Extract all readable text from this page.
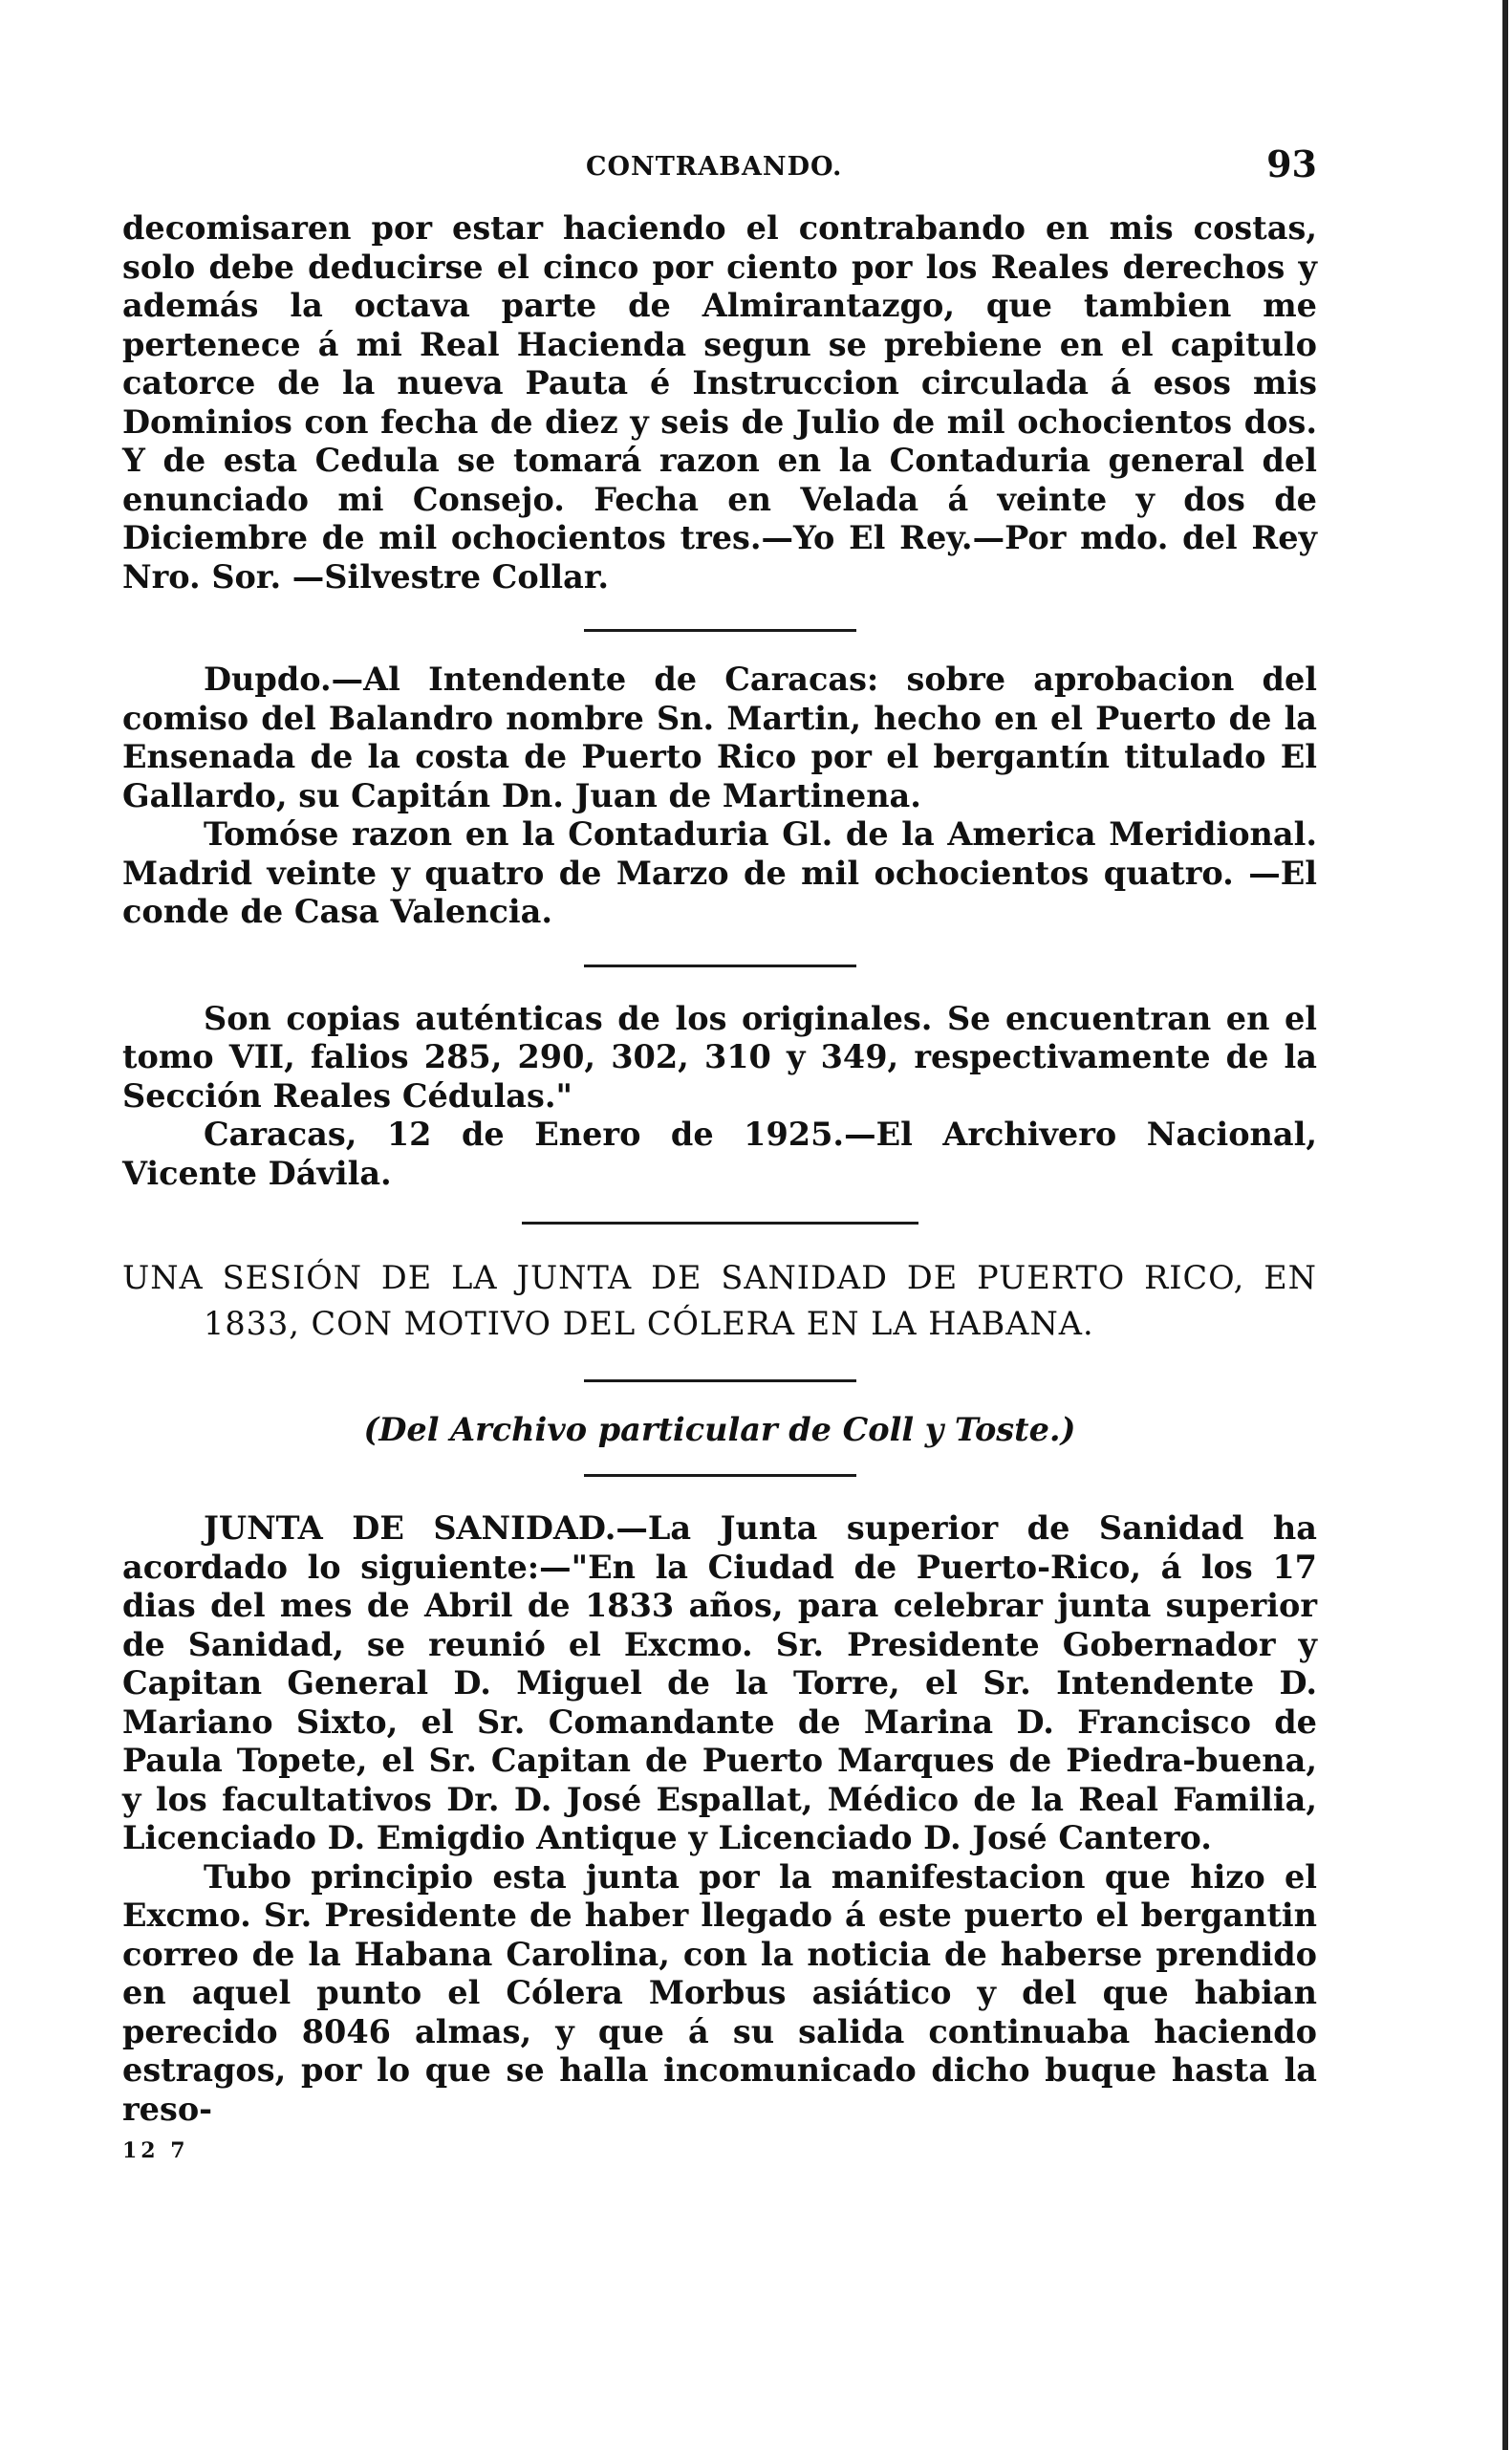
CONTRABANDO.	93

decomisaren por estar haciendo el contrabando en mis costas, solo debe deducirse el cinco por ciento por los Reales derechos y además la octava parte de Almirantazgo, que tambien me pertenece á mi Real Hacienda segun se prebiene en el capitulo catorce de la nueva Pauta é Instruccion circulada á esos mis Dominios con fecha de diez y seis de Julio de mil ochocientos dos. Y de esta Cedula se tomará razon en la Contaduria general del enunciado mi Consejo. Fecha en Velada á veinte y dos de Diciembre de mil ochocientos tres.—Yo El Rey.—Por mdo. del Rey Nro. Sor. —Silvestre Collar.

Dupdo.—Al Intendente de Caracas: sobre aprobacion del comiso del Balandro nombre Sn. Martin, hecho en el Puerto de la Ensenada de la costa de Puerto Rico por el bergantín titulado El Gallardo, su Capitán Dn. Juan de Martinena.

Tomóse razon en la Contaduria Gl. de la America Meridional. Madrid veinte y quatro de Marzo de mil ochocientos quatro. —El conde de Casa Valencia.

Son copias auténticas de los originales. Se encuentran en el tomo VII, falios 285, 290, 302, 310 y 349, respectivamente de la Sección Reales Cédulas."

Caracas, 12 de Enero de 1925.—El Archivero Nacional, Vicente Dávila.

UNA SESIÓN DE LA JUNTA DE SANIDAD DE PUERTO RICO, EN 1833, CON MOTIVO DEL CÓLERA EN LA HABANA.

(Del Archivo particular de Coll y Toste.)

JUNTA DE SANIDAD.—La Junta superior de Sanidad ha acordado lo siguiente:—"En la Ciudad de Puerto-Rico, á los 17 dias del mes de Abril de 1833 años, para celebrar junta superior de Sanidad, se reunió el Excmo. Sr. Presidente Gobernador y Capitan General D. Miguel de la Torre, el Sr. Intendente D. Mariano Sixto, el Sr. Comandante de Marina D. Francisco de Paula Topete, el Sr. Capitan de Puerto Marques de Piedra-buena, y los facultativos Dr. D. José Espallat, Médico de la Real Familia, Licenciado D. Emigdio Antique y Licenciado D. José Cantero.

Tubo principio esta junta por la manifestacion que hizo el Excmo. Sr. Presidente de haber llegado á este puerto el bergantin correo de la Habana Carolina, con la noticia de haberse prendido en aquel punto el Cólera Morbus asiático y del que habian perecido 8046 almas, y que á su salida continuaba haciendo estragos, por lo que se halla incomunicado dicho buque hasta la reso-

12 7
